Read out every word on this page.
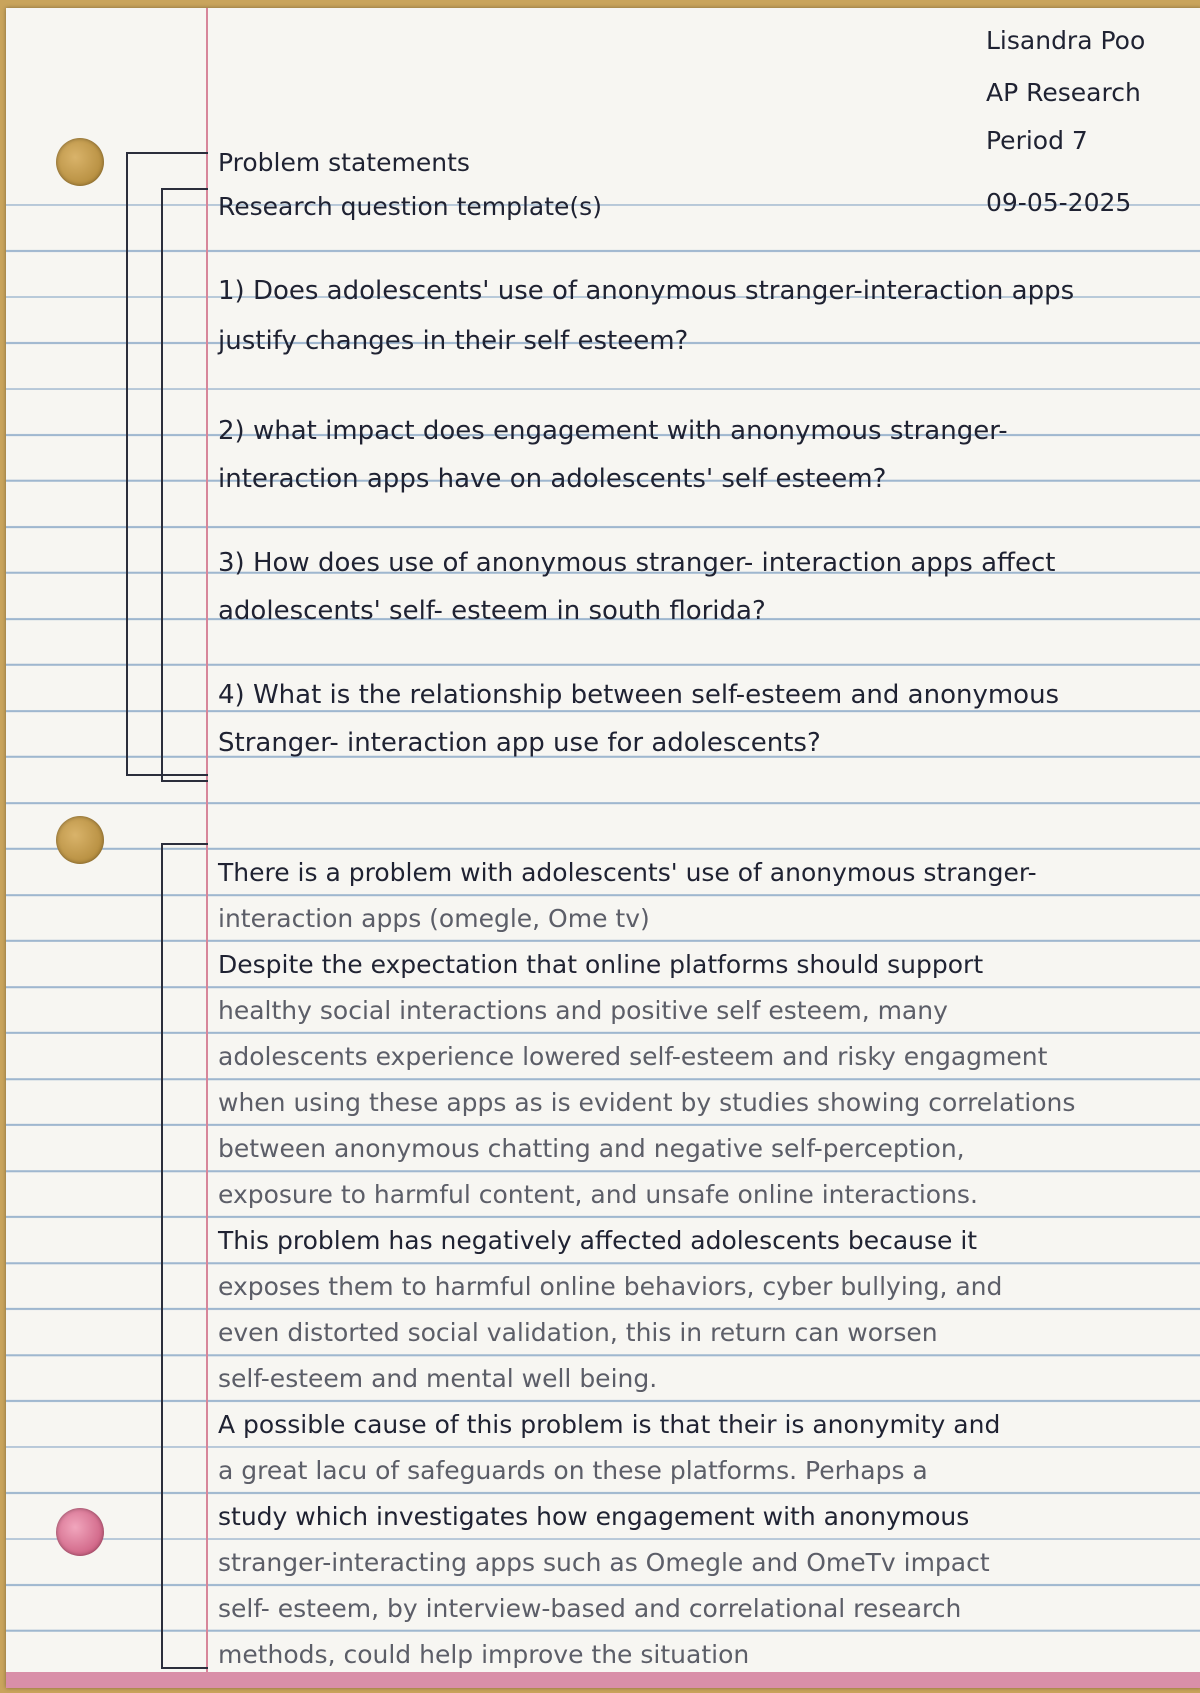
Lisandra Poo
AP Research
Period 7
09-05-2025
Problem statements
Research question template(s)
1) Does adolescents' use of anonymous stranger-interaction apps
justify changes in their self esteem?
2) what impact does engagement with anonymous stranger-
interaction apps have on adolescents' self esteem?
3) How does use of anonymous stranger- interaction apps affect
adolescents' self- esteem in south florida?
4) What is the relationship between self-esteem and anonymous
Stranger- interaction app use for adolescents?
There is a problem with adolescents' use of anonymous stranger-
interaction apps (omegle, Ome tv)
Despite the expectation that online platforms should support
healthy social interactions and positive self esteem, many
adolescents experience lowered self-esteem and risky engagment
when using these apps as is evident by studies showing correlations
between anonymous chatting and negative self-perception,
exposure to harmful content, and unsafe online interactions.
This problem has negatively affected adolescents because it
exposes them to harmful online behaviors, cyber bullying, and
even distorted social validation, this in return can worsen
self-esteem and mental well being.
A possible cause of this problem is that their is anonymity and
a great lacu of safeguards on these platforms. Perhaps a
study which investigates how engagement with anonymous
stranger-interacting apps such as Omegle and OmeTv impact
self- esteem, by interview-based and correlational research
methods, could help improve the situation
